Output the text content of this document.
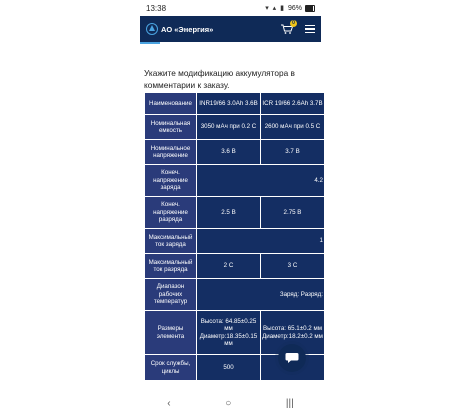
13:38	▾ ▴ ▮ 96%
АО «Энергия»
0
Укажите модификацию аккумулятора в комментарии к заказу.
Наименование	INR19/66 3.0Ah 3.6В	ICR 19/66 2.6Ah 3.7В
Номинальная емкость	3050 мАч при 0.2 С	2600 мАч при 0.5 С
Номинальное напряжение	3.6 В	3.7 В
Конеч. напряжение заряда	4.2	
Конеч. напряжение разряда	2.5 В	2.75 В
Максимальный ток заряда	1	
Максимальный ток разряда	2 С	3 С
Диапазон рабочих температур	Заряд: Разряд:	
Размеры элемента	Высота: 64.85±0.25 мм Диаметр:18.35±0.15 мм	Высота: 65.1±0.2 мм Диаметр:18.2±0.2 мм
Срок службы, циклы	500	
‹	○	|||
